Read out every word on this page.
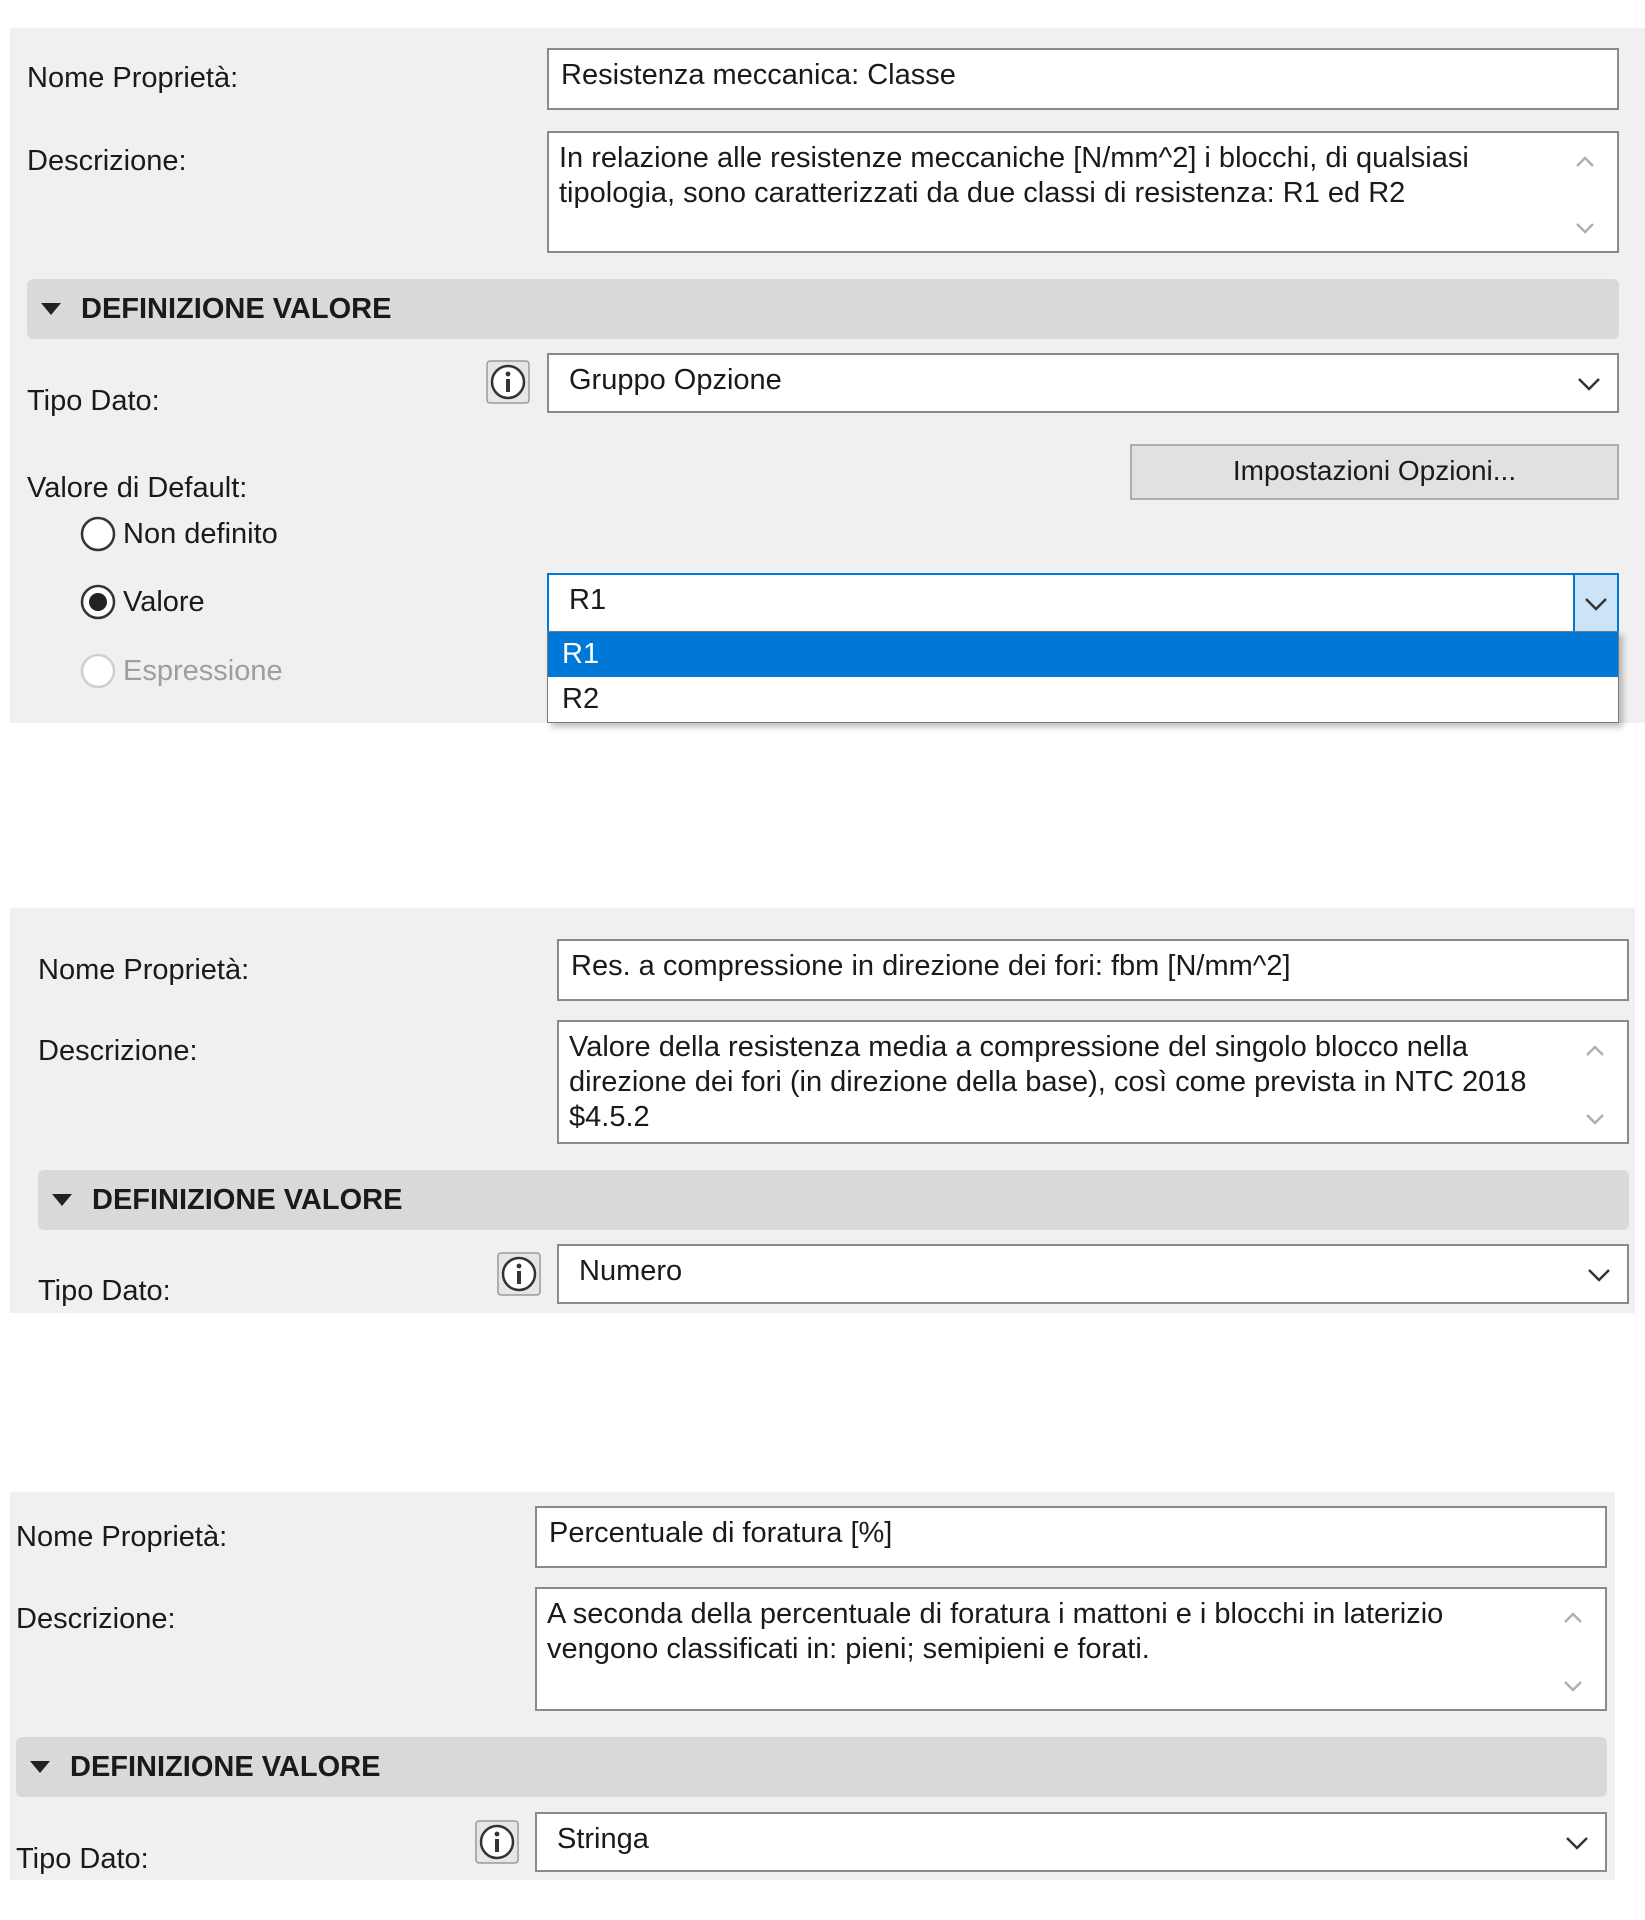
Nome Proprietà:	Resistenza meccanica: Classe
Descrizione:	In relazione alle resistenze meccaniche [N/mm^2] i blocchi, di qualsiasi tipologia, sono caratterizzati da due classi di resistenza: R1 ed R2
DEFINIZIONE VALORE
Tipo Dato:
Gruppo Opzione
Valore di Default:
Impostazioni Opzioni...
Non definito
Valore
Espressione
R1
R1
R2
Nome Proprietà:	Res. a compressione in direzione dei fori: fbm [N/mm^2]
Descrizione:	Valore della resistenza media a compressione del singolo blocco nella direzione dei fori (in direzione della base), così come prevista in NTC 2018 $4.5.2
DEFINIZIONE VALORE
Tipo Dato:
Numero
Nome Proprietà:	Percentuale di foratura [%]
Descrizione:	A seconda della percentuale di foratura i mattoni e i blocchi in laterizio vengono classificati in: pieni; semipieni e forati.
DEFINIZIONE VALORE
Tipo Dato:
Stringa
